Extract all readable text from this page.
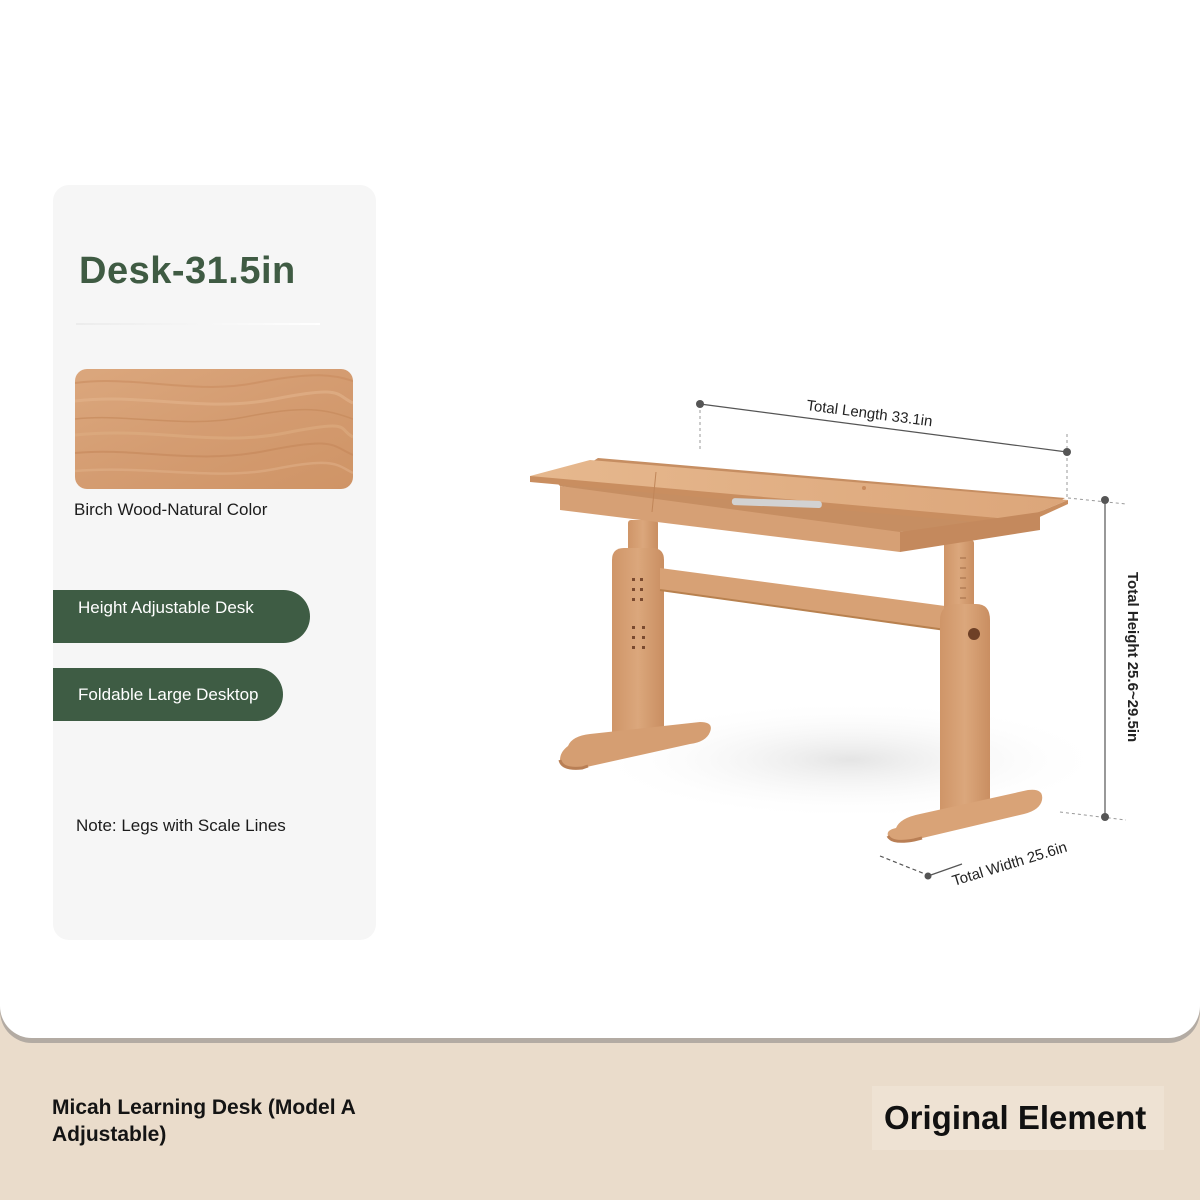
Desk-31.5in
Birch Wood-Natural Color
Height Adjustable Desk
Foldable Large Desktop
Note: Legs with Scale Lines
Total Length 33.1in
Total Height 25.6~29.5in
Total Width 25.6in
Micah Learning Desk (Model A Adjustable)	Original Element
